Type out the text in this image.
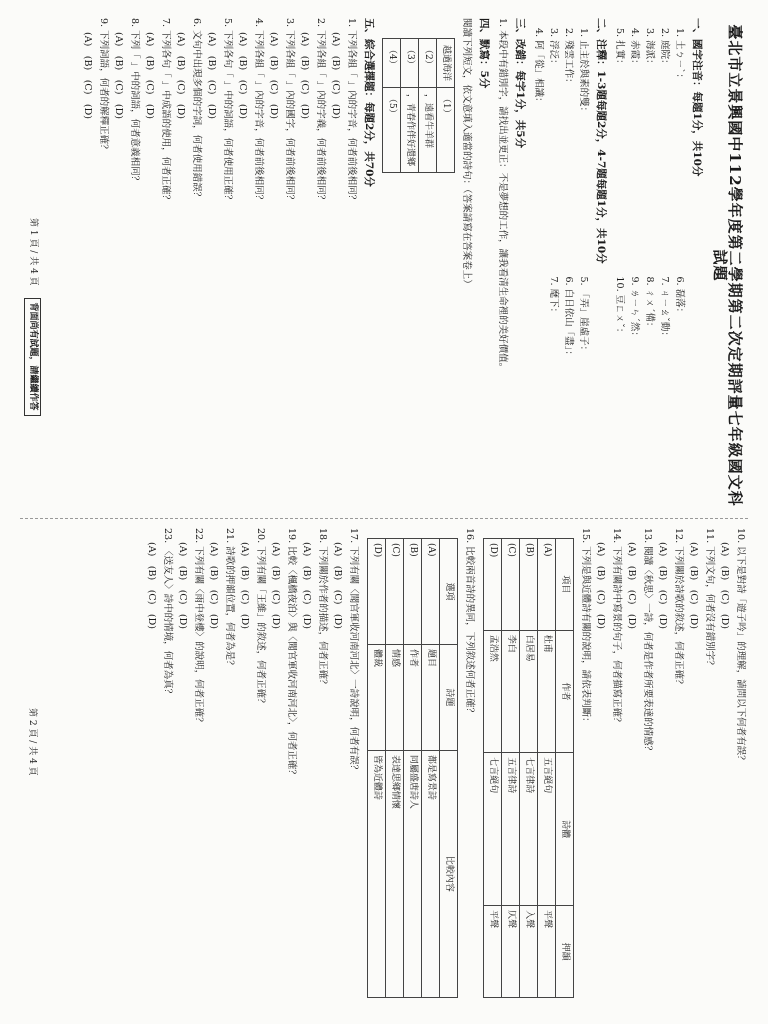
臺北市立景興國中112學年度第二學期第二次定期評量七年級國文科試題
一、國字注音：每題1分，共10分
1. 土ㄅㄧˋ：
2. 庭院：
3. 海派：
4. 赤霞：
5. 扎實：
6. 磊落：
7. ㄐㄧㄠˇ動：
8. ㄔㄨˊ備：
9. ㄌㄧㄣˊ然：
10. 豆ㄈㄨˇ：
二、注釋：1-3題每題2分，4-7題每題1分，共10分
1. 止主於與素的雙：
2. 殘雲工作：
3. 浮泛：
4. 阿「從」相識：
5. 「弄」崖虛子：
6. 白日依山「盡」：
7. 麾下：
三、改錯：每字1分，共5分
1. 本段中有錯別字，請找出並更正：不是夢想的工作，讓我看清生命裡的美好價值。
四、默寫：5分
閱讀下列短文，依文意填入適當的詩句：（答案請寫在答案卷上）
越過海洋	（1）
（2）	，遠看牛羊群
（3）	，青春作伴好還鄉
（4）	（5）
五、綜合選擇題：每題2分，共70分
1. 下列各組「 」內的字音，何者前後相同？
(A)　(B)　(C)　(D)
2. 下列各組「 」內的字義，何者前後相同？
(A)　(B)　(C)　(D)
3. 下列各組「 」內的國字，何者前後相同？
(A)　(B)　(C)　(D)
4. 下列各組「 」內的字音，何者前後相同？
(A)　(B)　(C)　(D)
5. 下列各句「 」中的詞語，何者使用正確？
(A)　(B)　(C)　(D)
6. 文句中出現多個的字詞，何者使用錯誤？
(A)　(B)　(C)　(D)
7. 下列各句「 」中成語的使用，何者正確？
(A)　(B)　(C)　(D)
8. 下列「 」中的詞語，何者意義相同？
(A)　(B)　(C)　(D)
9. 下列詞語，何者的解釋正確？
(A)　(B)　(C)　(D)
第 1 頁 / 共 4 頁 　背面尚有試題，請繼續作答
10. 以下是對詩「遊子吟」的理解，請問以下何者有誤？
(A)　(B)　(C)　(D)
11. 下列文句，何者沒有錯別字？
(A)　(B)　(C)　(D)
12. 下列關於詩歌的敘述，何者正確？
(A)　(B)　(C)　(D)
13. 閱讀〈秋思〉一詩，何者是作者所要表達的情感？
(A)　(B)　(C)　(D)
14. 下列有關詩中寫景的句子，何者描寫正確？
(A)　(B)　(C)　(D)
15. 下列是與近體詩有關的說明，請依表判斷：
項目	作者	詩體	押韻
(A)	杜甫	五言絕句	平聲
(B)	白居易	七言律詩	入聲
(C)	李白	五言律詩	仄聲
(D)	孟浩然	七言絕句	平聲
16. 比較兩首詩的異同，下列敘述何者正確？
選項	詩題	比較內容
(A)	題目	都是寫景詩
(B)	作者	同屬盛唐詩人
(C)	情感	表達思鄉情懷
(D)	體裁	皆為近體詩
17. 下列有關〈聞官軍收河南河北〉一詩說明，何者有誤？
(A)　(B)　(C)　(D)
18. 下列關於作者的描述，何者正確？
(A)　(B)　(C)　(D)
19. 比較〈楓橋夜泊〉與〈聞官軍收河南河北〉，何者正確？
(A)　(B)　(C)　(D)
20. 下列有關「王維」的敘述，何者正確？
(A)　(B)　(C)　(D)
21. 詩歌的押韻位置，何者為是？
(A)　(B)　(C)　(D)
22. 下列有關〈雨中登樓〉的說明，何者正確？
(A)　(B)　(C)　(D)
23. 〈送友人〉詩中的情境，何者為真？
(A)　(B)　(C)　(D)
第 2 頁 / 共 4 頁
